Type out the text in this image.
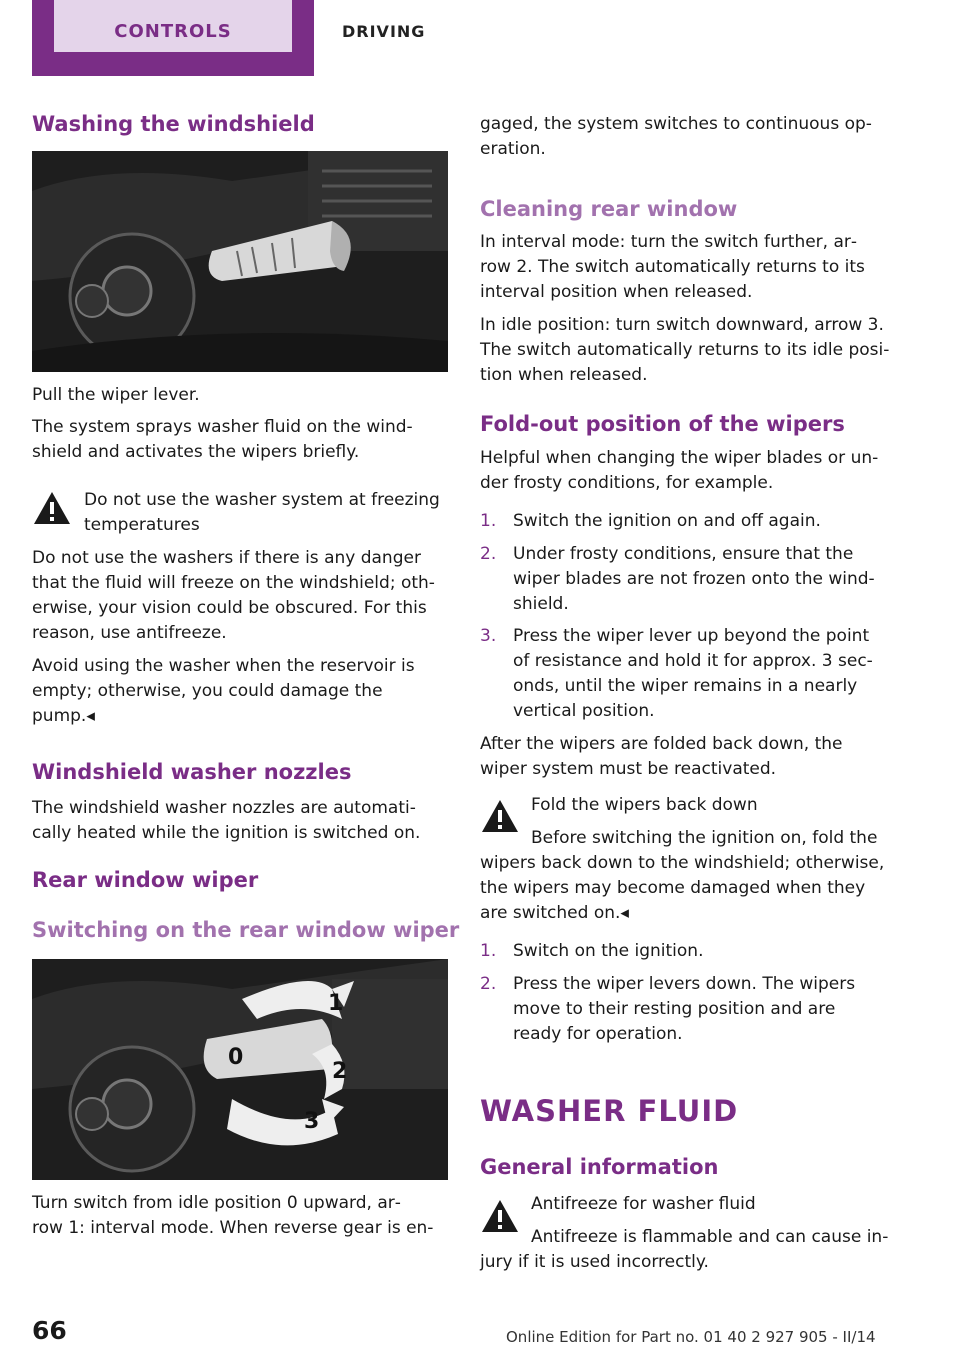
CONTROLS	DRIVING
Washing the windshield
Pull the wiper lever.
The system sprays washer fluid on the wind‐
shield and activates the wipers briefly.
Do not use the washer system at freezing
temperatures
Do not use the washers if there is any danger
that the fluid will freeze on the windshield; oth‐
erwise, your vision could be obscured. For this
reason, use antifreeze.
Avoid using the washer when the reservoir is
empty; otherwise, you could damage the
pump.◂
Windshield washer nozzles
The windshield washer nozzles are automati‐
cally heated while the ignition is switched on.
Rear window wiper
Switching on the rear window wiper
0
1
2
3
Turn switch from idle position 0 upward, ar‐
row 1: interval mode. When reverse gear is en‐
gaged, the system switches to continuous op‐
eration.
Cleaning rear window
In interval mode: turn the switch further, ar‐
row 2. The switch automatically returns to its
interval position when released.
In idle position: turn switch downward, arrow 3.
The switch automatically returns to its idle posi‐
tion when released.
Fold-out position of the wipers
Helpful when changing the wiper blades or un‐
der frosty conditions, for example.
1. Switch the ignition on and off again.
2. Under frosty conditions, ensure that the
wiper blades are not frozen onto the wind‐
shield.
3. Press the wiper lever up beyond the point
of resistance and hold it for approx. 3 sec‐
onds, until the wiper remains in a nearly
vertical position.
After the wipers are folded back down, the
wiper system must be reactivated.
Fold the wipers back down
Before switching the ignition on, fold the
wipers back down to the windshield; otherwise,
the wipers may become damaged when they
are switched on.◂
1. Switch on the ignition.
2. Press the wiper levers down. The wipers
move to their resting position and are
ready for operation.
WASHER FLUID
General information
Antifreeze for washer fluid
Antifreeze is flammable and can cause in‐
jury if it is used incorrectly.
66	Online Edition for Part no. 01 40 2 927 905 - II/14
